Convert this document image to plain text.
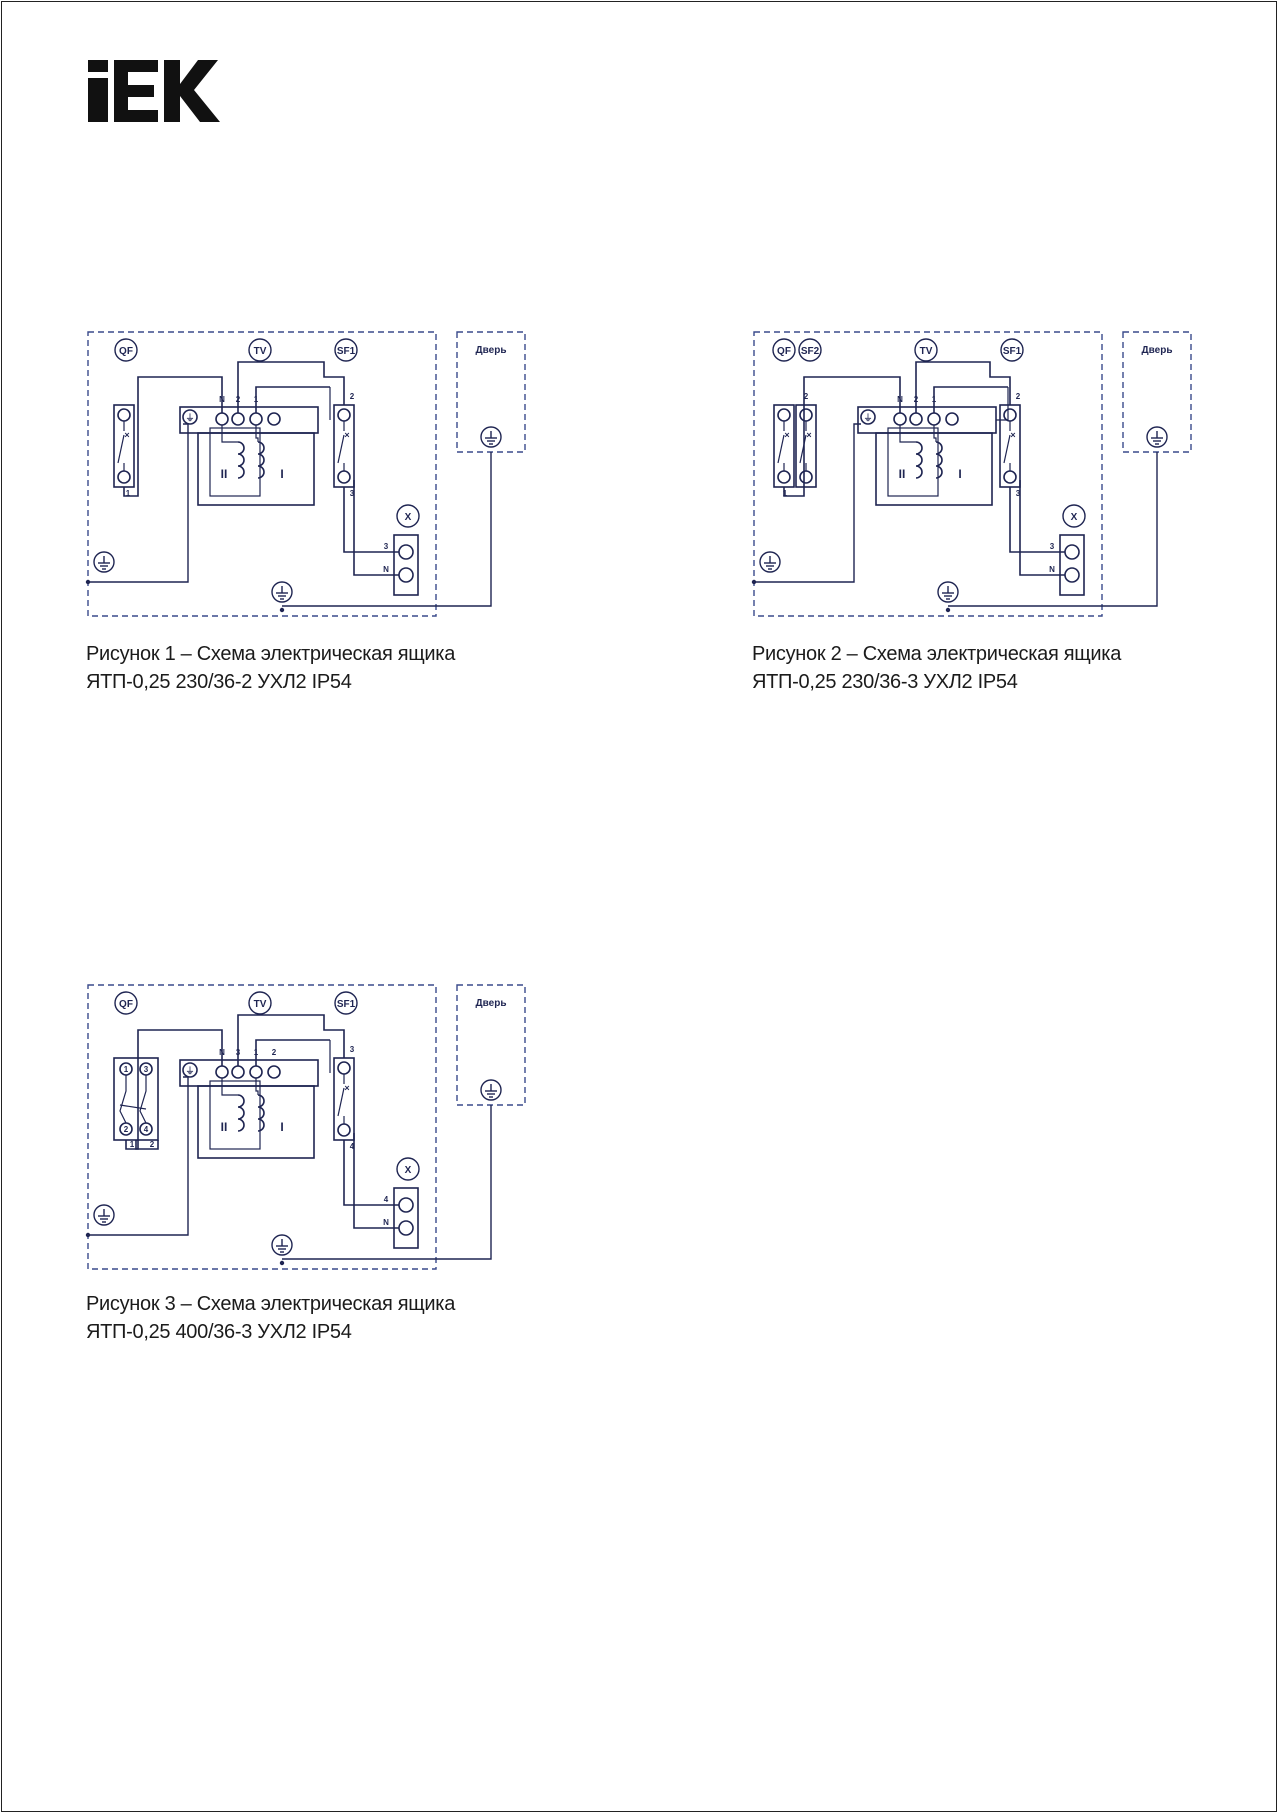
Дверь
QF	TV	SF1
X
×
1
×
2
3
⏚
N 2 1
II	I
3
N
Рисунок 1 – Схема электрическая ящика
ЯТП-0,25 230/36-2 УХЛ2 IP54
Дверь
QF SF2	TV	SF1
X
× ×
2
1
×
2
3
⏚
N 2 1
II	I
3
N
Рисунок 2 – Схема электрическая ящика
ЯТП-0,25 230/36-3 УХЛ2 IP54
Дверь
QF	TV	SF1
X
1 3
2 4
1 2
×
3
4
⏚
N 3 1 2
II	I
4
N
Рисунок 3 – Схема электрическая ящика
ЯТП-0,25 400/36-3 УХЛ2 IP54
